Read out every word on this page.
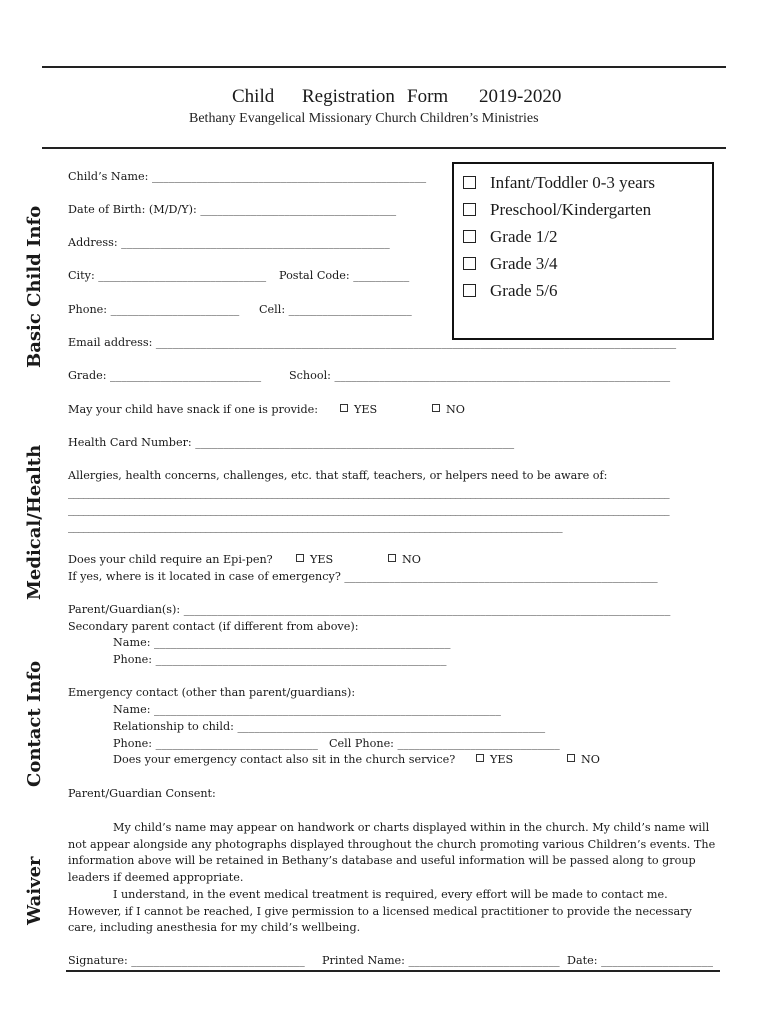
Child Registration Form 2019-2020
Bethany Evangelical Missionary Church Children’s Ministries
Basic Child Info
Medical/Health
Contact Info
Waiver
Infant/Toddler 0-3 years
Preschool/Kindergarten
Grade 1/2
Grade 3/4
Grade 5/6
Child’s Name: _________________________________________________
Date of Birth: (M/D/Y): ___________________________________
Address: ________________________________________________
City: ______________________________ Postal Code: __________
Phone: _______________________ Cell: ______________________
Email address: _____________________________________________________________________________________________
Grade: ___________________________ School: ____________________________________________________________
May your child have snack if one is provide:	YES	NO
Health Card Number: _________________________________________________________
Allergies, health concerns, challenges, etc. that staff, teachers, or helpers need to be aware of:
______________________________________________________________________________________________________________________
______________________________________________________________________________________________________________________
_________________________________________________________________________________________________
Does your child require an Epi-pen?	YES	NO
If yes, where is it located in case of emergency? ________________________________________________________
Parent/Guardian(s): _______________________________________________________________________________________
Secondary parent contact (if different from above):
Name: _____________________________________________________
Phone: ____________________________________________________
Emergency contact (other than parent/guardians):
Name: ______________________________________________________________
Relationship to child: _______________________________________________________
Phone: _____________________________ Cell Phone: _____________________________
Does your emergency contact also sit in the church service?	YES	NO
Parent/Guardian Consent:
My child’s name may appear on handwork or charts displayed within in the church. My child’s name will not appear alongside any photographs displayed throughout the church promoting various Children’s events. The information above will be retained in Bethany’s database and useful information will be passed along to group leaders if deemed appropriate.
I understand, in the event medical treatment is required, every effort will be made to contact me. However, if I cannot be reached, I give permission to a licensed medical practitioner to provide the necessary care, including anesthesia for my child’s wellbeing.
Signature: _______________________________ Printed Name: ___________________________ Date: ____________________
